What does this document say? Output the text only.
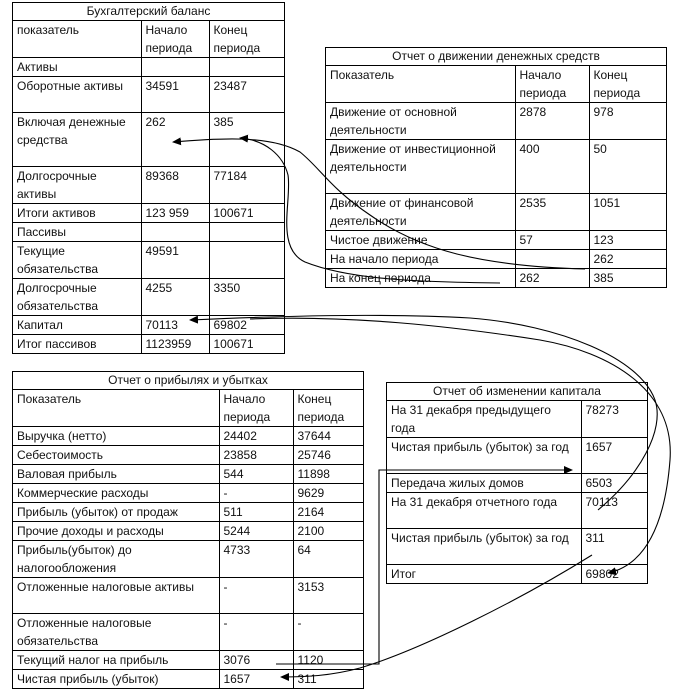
Бухгалтерский баланс
показатель	Начало периода	Конец периода
Активы		
Оборотные активы	34591	23487
Включая денежные средства	262	385
Долгосрочные активы	89368	77184
Итоги активов	123 959	100671
Пассивы		
Текущие обязательства	49591	
Долгосрочные обязательства	4255	3350
Капитал	70113	69802
Итог пассивов	1123959	100671
Отчет о движении денежных средств
Показатель	Начало периода	Конец периода
Движение от основной деятельности	2878	978
Движение от инвестиционной деятельности	400	50
Движение от финансовой деятельности	2535	1051
Чистое движение	57	123
На начало периода		262
На конец периода	262	385
Отчет о прибылях и убытках
Показатель	Начало периода	Конец периода
Выручка (нетто)	24402	37644
Себестоимость	23858	25746
Валовая прибыль	544	11898
Коммерческие расходы	-	9629
Прибыль (убыток) от продаж	511	2164
Прочие доходы и расходы	5244	2100
Прибыль(убыток) до налогообложения	4733	64
Отложенные налоговые активы	-	3153
Отложенные налоговые обязательства	-	-
Текущий налог на прибыль	3076	1120
Чистая прибыль (убыток)	1657	311
Отчет об изменении капитала
На 31 декабря предыдущего года	78273
Чистая прибыль (убыток) за год	1657
Передача жилых домов	6503
На 31 декабря отчетного года	70113
Чистая прибыль (убыток) за год	311
Итог	69802
